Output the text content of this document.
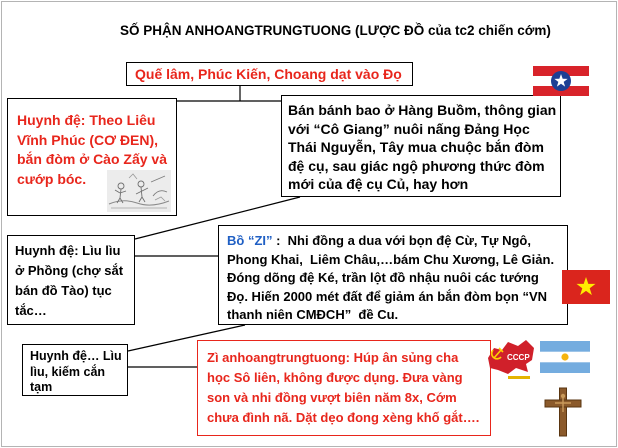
SỐ PHẬN ANHOANGTRUNGTUONG (LƯỢC ĐỒ của tc2 chiến cớm)
Quế lâm, Phúc Kiến, Choang dạt vào Đọ
Huynh đệ: Theo Liêu
Vĩnh Phúc (CƠ ĐEN),
bắn đòm ở Cào Zấy và
cướp bóc.
Bán bánh bao ở Hàng Buồm, thông gian
với “Cô Giang” nuôi nấng Đảng Học
Thái Nguyễn, Tây mua chuộc bắn đòm
đệ cụ, sau giác ngộ phương thức đòm
mới của đệ cụ Củ, hay hơn
Huynh đệ: Lìu lìu
ở Phồng (chợ sắt
bán đồ Tào) tục
tắc…
Bồ “ZI” :  Nhi đồng a dua với bọn đệ Cừ, Tự Ngô,
Phong Khai,  Liêm Châu,…bám Chu Xương, Lê Giản.
Đóng dõng đệ Ké, trần lột đồ nhậu nuôi các tướng
Đọ. Hiến 2000 mét đất để giảm án bắn đòm bọn “VN
thanh niên CMĐCH”  đề Cu.
Huynh đệ… Lìu
lìu, kiếm cắn
tạm
Zì anhoangtrungtuong: Húp ân sủng cha
học Sô liên, không được dụng. Đưa vàng
son và nhi đồng vượt biên năm 8x, Cớm
chưa đình nã. Dặt dẹo đong xèng khố gắt….
CCCP
